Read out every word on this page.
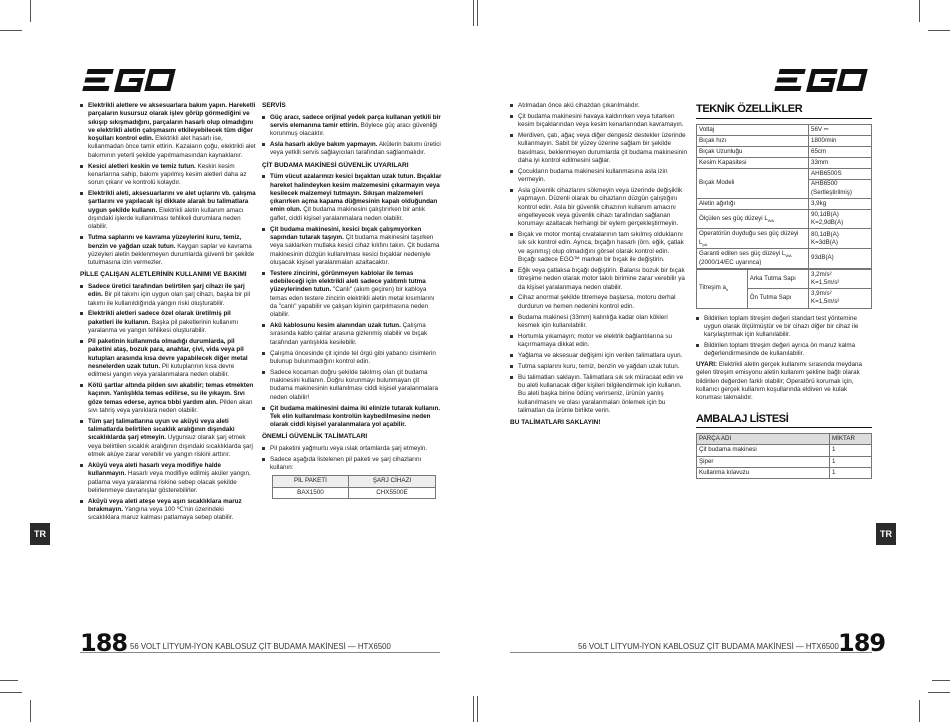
Elektrikli aletlere ve aksesuarlara bakım yapın. Hareketli parçaların kusursuz olarak işlev görüp görmediğini ve sıkışıp sıkışmadığını, parçaların hasarlı olup olmadığını ve elektrikli aletin çalışmasını etkileyebilecek tüm diğer koşulları kontrol edin. Elektrikli alet hasarlı ise, kullanmadan önce tamir ettirin. Kazaların çoğu, elektrikli alet bakımının yeterli şekilde yapılmamasından kaynaklanır.
Kesici aletleri keskin ve temiz tutun. Keskin kesim kenarlarına sahip, bakımı yapılmış kesim aletleri daha az sorun çıkarır ve kontrolü kolaydır.
Elektrikli aleti, aksesuarlarını ve alet uçlarını vb. çalışma şartlarını ve yapılacak işi dikkate alarak bu talimatlara uygun şekilde kullanın. Elektrikli aletin kullanım amacı dışındaki işlerde kullanılması tehlikeli durumlara neden olabilir.
Tutma saplarını ve kavrama yüzeylerini kuru, temiz, benzin ve yağdan uzak tutun. Kaygan saplar ve kavrama yüzeyleri aletin beklenmeyen durumlarda güvenli bir şekilde tutulmasına izin vermezler.
PİLLE ÇALIŞAN ALETLERİNİN KULLANIMI VE BAKIMI
Sadece üretici tarafından belirtilen şarj cihazı ile şarj edin. Bir pil takımı için uygun olan şarj cihazı, başka bir pil takımı ile kullanıldığında yangın riski oluşturabilir.
Elektrikli aletleri sadece özel olarak üretilmiş pil paketleri ile kullanın. Başka pil paketlerinin kullanımı yaralanma ve yangın tehlikesi oluşturabilir.
Pil paketinin kullanımda olmadığı durumlarda, pil paketini ataş, bozuk para, anahtar, çivi, vida veya pil kutupları arasında kısa devre yapabilecek diğer metal nesnelerden uzak tutun. Pil kutuplarının kısa devre edilmesi yangın veya yaralanmalara neden olabilir.
Kötü şartlar altında pilden sıvı akabilir; temas etmekten kaçının. Yanlışlıkla temas edilirse, su ile yıkayın. Sıvı göze temas ederse, ayrıca tıbbi yardım alın. Pilden akan sıvı tahriş veya yanıklara neden olabilir.
Tüm şarj talimatlarına uyun ve aküyü veya aleti talimatlarda belirtilen sıcaklık aralığının dışındaki sıcaklıklarda şarj etmeyin. Uygunsuz olarak şarj etmek veya belirtilen sıcaklık aralığının dışındaki sıcaklıklarda şarj etmek aküye zarar verebilir ve yangın riskini arttırır.
Aküyü veya aleti hasarlı veya modifiye halde kullanmayın. Hasarlı veya modifiye edilmiş aküler yangın, patlama veya yaralanma riskine sebep olacak şekilde belirlenmeye davranışlar gösterebilirler.
Aküyü veya aleti ateşe veya aşırı sıcaklıklara maruz bırakmayın. Yangına veya 100 ℃'nin üzerindeki sıcaklıklara maruz kalması patlamaya sebep olabilir.
SERVİS
Güç aracı, sadece orijinal yedek parça kullanan yetkili bir servis elemanına tamir ettirin. Böylece güç aracı güvenliği korunmuş olacaktır.
Asla hasarlı aküye bakım yapmayın. Akülerin bakımı üretici veya yetkili servis sağlayıcıları tarafından sağlanmalıdır.
ÇİT BUDAMA MAKİNESİ GÜVENLİK UYARILARI
Tüm vücut azalarınızı kesici bıçaktan uzak tutun. Bıçaklar hareket halindeyken kesim malzemesini çıkarmayın veya kesilecek malzemeyi tutmayın. Sıkışan malzemeleri çıkarırken açma kapama düğmesinin kapalı olduğundan emin olun. Çit budama makinesini çalıştırırken bir anlık gaflet, ciddi kişisel yaralanmalara neden olabilir.
Çit budama makinesini, kesici bıçak çalışmıyorken sapından tutarak taşıyın. Çit budama makinesini taşırken veya saklarken mutlaka kesici cihaz kılıfını takın. Çit budama makinesinin düzgün kullanılması kesici bıçaklar nedeniyle oluşacak kişisel yaralanmaları azaltacaktır.
Testere zincirini, görünmeyen kablolar ile temas edebileceği için elektrikli aleti sadece yalıtımlı tutma yüzeylerinden tutun. "Canlı" (akım geçiren) bir kabloya temas eden testere zincirin elektrikli aletin metal kısımlarını da "canlı" yapabilir ve çalışan kişinin çarpılmasına neden olabilir.
Akü kablosunu kesim alanından uzak tutun. Çalışma sırasında kablo çalılar arasına gizlenmiş olabilir ve bıçak tarafından yanlışlıkla kesilebilir.
Çalışma öncesinde çit içinde tel örgü gibi yabancı cisimlerin bulunup bulunmadığını kontrol edin.
Sadece kocaman doğru şekilde takılmış olan çit budama makinesini kullanın. Doğru korunmayı bulunmayan çit budama makinesinin kullanılması ciddi kişisel yaralanmalara neden olabilir!
Çit budama makinesini daima iki elinizle tutarak kullanın. Tek elin kullanılması kontrolün kaybedilmesine neden olarak ciddi kişisel yaralanmalara yol açabilir.
ÖNEMLİ GÜVENLİK TALİMATLARI
Pil paketini yağmurlu veya ıslak ortamlarda şarj etmeyin.
Sadece aşağıda listelenen pil paketi ve şarj cihazlarını kullanın:
PİL PAKETİ	ŞARJ CİHAZI
BAX1500	CHX5500E
TR
188 56 VOLT LİTYUM-İYON KABLOSUZ ÇİT BUDAMA MAKİNESİ — HTX6500
Atılmadan önce akü cihazdan çıkarılmalıdır.
Çit budama makinesini havaya kaldırırken veya tutarken kesim bıçaklarından veya kesim kenarlarından kavramayın.
Merdiven, çatı, ağaç veya diğer dengesiz destekler üzerinde kullanmayın. Sabit bir yüzey üzerine sağlam bir şekilde basılması, beklenmeyen durumlarda çit budama makinesinin daha iyi kontrol edilmesini sağlar.
Çocukların budama makinesini kullanmasına asla izin vermeyin.
Asla güvenlik cihazlarını sökmeyin veya üzerinde değişiklik yapmayın. Düzenli olarak bu cihazların düzgün çalıştığını kontrol edin. Asla bir güvenlik cihazının kullanım amacını engelleyecek veya güvenlik cihazı tarafından sağlanan korumayı azaltacak herhangi bir eylem gerçekleştirmeyin.
Bıçak ve motor montaj cıvatalarının tam sıkılmış olduklarını sık sık kontrol edin. Ayrıca, bıçağın hasarlı (örn. eğik, çatlak ve aşınmış) olup olmadığını görsel olarak kontrol edin. Bıçağı sadece EGO™ markalı bir bıçak ile değiştirin.
Eğik veya çatlaksa bıçağı değiştirin. Balansı bozuk bir bıçak titreşime neden olarak motor takılı birimine zarar verebilir ya da kişisel yaralanmaya neden olabilir.
Cihaz anormal şekilde titremeye başlarsa, motoru derhal durdurun ve hemen nedenini kontrol edin.
Budama makinesi (33mm) kalınlığa kadar olan kökleri kesmek için kullanılabilir.
Hortumla yıkamayın; motor ve elektrik bağlantılarına su kaçırmamaya dikkat edin.
Yağlama ve aksesuar değişimi için verilen talimatlara uyun.
Tutma saplarını kuru, temiz, benzin ve yağdan uzak tutun.
Bu talimatları saklayın. Talimatlara sık sık müracaat edin ve bu aleti kullanacak diğer kişileri bilgilendirmek için kullanın. Bu aleti başka birine ödünç verirseniz, ürünün yanlış kullanılmasını ve olası yaralanmaları önlemek için bu talimatları da ürünle birlikte verin.
BU TALİMATLARI SAKLAYIN!
TEKNİK ÖZELLİKLER
Voltaj	56V ⎓
Bıçak hızı	1800/min
Bıçak Uzunluğu	65cm
Kesim Kapasitesi	33mm
Bıçak Modeli	AHB6500S
AHB6500 (Sertleştirilmiş)

Aletin ağırlığı	3,9kg
Ölçülen ses güç düzeyi $L_{WA}$	90,1dB(A)
K=2,9dB(A)

Operatörün duyduğu ses güç düzeyi $L_{pA}$	80,1dB(A)
K=3dB(A)

Garanti edilen ses güç düzeyi $L_{WA}$
(2000/14/EC uyarınca)	93dB(A)
Titreşim $a_h$	Arka Tutma Sapı	3,2m/s²
K=1,5m/s²

	Ön Tutma Sapı	3,9m/s²
K=1,5m/s²
Bildirilen toplam titreşim değeri standart test yöntemine uygun olarak ölçülmüştür ve bir cihazı diğer bir cihaz ile karşılaştırmak için kullanılabilir.
Bildirilen toplam titreşim değeri ayrıca ön maruz kalma değerlendirmesinde de kullanılabilir.

UYARI: Elektrikli aletin gerçek kullanımı sırasında meydana gelen titreşim emisyonu aletin kullanım şekline bağlı olarak bildirilen değerden farklı olabilir; Operatörü korumak için, kullanıcı gerçek kullanım koşullarında eldiven ve kulak koruması takmalıdır.

AMBALAJ LİSTESİ
PARÇA ADI	MİKTAR
Çit budama makinesi	1
Şiper	1
Kullanma kılavuzu	1
TR
189
56 VOLT LİTYUM-İYON KABLOSUZ ÇİT BUDAMA MAKİNESİ — HTX6500
